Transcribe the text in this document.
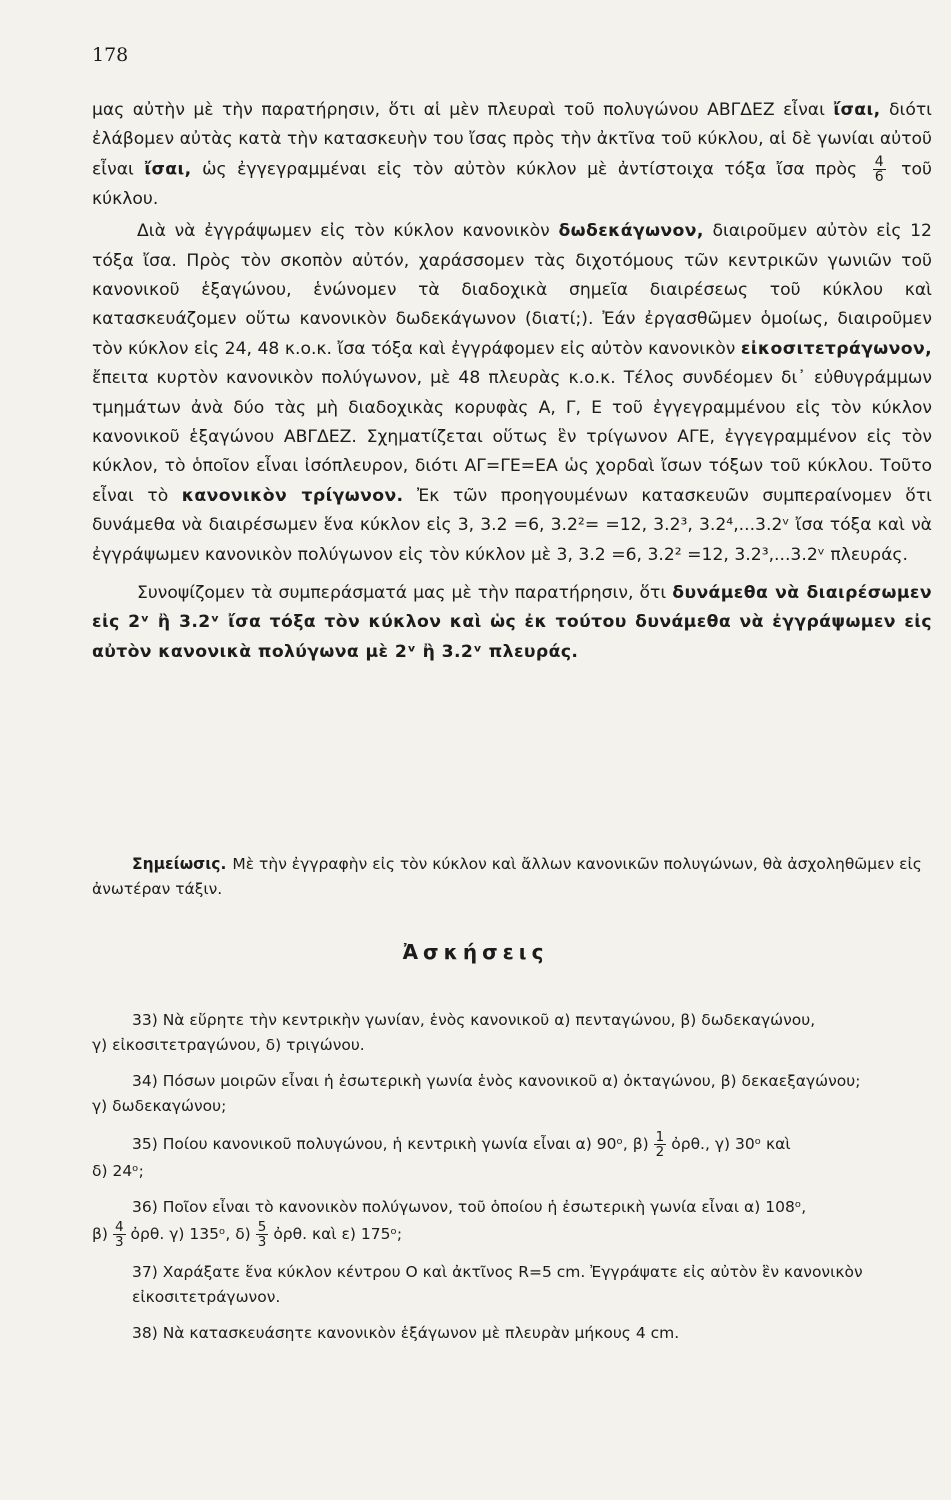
178

μας αὐτὴν μὲ τὴν παρατήρησιν, ὅτι αἱ μὲν πλευραὶ τοῦ πολυγώνου ΑΒΓΔΕΖ εἶναι ἴσαι, διότι ἐλάβομεν αὐτὰς κατὰ τὴν κατασκευὴν του ἴσας πρὸς τὴν ἀκτῖνα τοῦ κύκλου, αἱ δὲ γωνίαι αὐτοῦ εἶναι ἴσαι, ὡς ἐγγεγραμμέναι εἰς τὸν αὐτὸν κύκλον μὲ ἀντίστοιχα τόξα ἴσα πρὸς $\frac{4}{6}$ τοῦ κύκλου.

Διὰ νὰ ἐγγράψωμεν εἰς τὸν κύκλον κανονικὸν δωδεκάγωνον, διαιροῦμεν αὐτὸν εἰς 12 τόξα ἴσα. Πρὸς τὸν σκοπὸν αὐτόν, χαράσσομεν τὰς διχοτόμους τῶν κεντρικῶν γωνιῶν τοῦ κανονικοῦ ἑξαγώνου, ἑνώνομεν τὰ διαδοχικὰ σημεῖα διαιρέσεως τοῦ κύκλου καὶ κατασκευάζομεν οὕτω κανονικὸν δωδεκάγωνον (διατί;). Ἐάν ἐργασθῶμεν ὁμοίως, διαιροῦμεν τὸν κύκλον εἰς 24, 48 κ.ο.κ. ἴσα τόξα καὶ ἐγγράφομεν εἰς αὐτὸν κανονικὸν εἰκοσιτετράγωνον, ἔπειτα κυρτὸν κανονικὸν πολύγωνον, μὲ 48 πλευρὰς κ.ο.κ. Τέλος συνδέομεν δι᾿ εὐθυγράμμων τμημάτων ἀνὰ δύο τὰς μὴ διαδοχικὰς κορυφὰς Α, Γ, Ε τοῦ ἐγγεγραμμένου εἰς τὸν κύκλον κανονικοῦ ἑξαγώνου ΑΒΓΔΕΖ. Σχηματίζεται οὕτως ἓν τρίγωνον ΑΓΕ, ἐγγεγραμμένον εἰς τὸν κύκλον, τὸ ὁποῖον εἶναι ἰσόπλευρον, διότι ΑΓ=ΓΕ=ΕΑ ὡς χορδαὶ ἴσων τόξων τοῦ κύκλου. Τοῦτο εἶναι τὸ κανονικὸν τρίγωνον. Ἐκ τῶν προηγουμένων κατασκευῶν συμπεραίνομεν ὅτι δυνάμεθα νὰ διαιρέσωμεν ἕνα κύκλον εἰς 3, 3.2 =6, 3.2²= =12, 3.2³, 3.2⁴,...3.2ᵛ ἴσα τόξα καὶ νὰ ἐγγράψωμεν κανονικὸν πολύγωνον εἰς τὸν κύκλον μὲ 3, 3.2 =6, 3.2² =12, 3.2³,...3.2ᵛ πλευράς.

Συνοψίζομεν τὰ συμπεράσματά μας μὲ τὴν παρατήρησιν, ὅτι δυνάμεθα νὰ διαιρέσωμεν εἰς 2ᵛ ἢ 3.2ᵛ ἴσα τόξα τὸν κύκλον καὶ ὡς ἐκ τούτου δυνάμεθα νὰ ἐγγράψωμεν εἰς αὐτὸν κανονικὰ πολύγωνα μὲ 2ᵛ ἢ 3.2ᵛ πλευράς.

Σημείωσις. Μὲ τὴν ἐγγραφὴν εἰς τὸν κύκλον καὶ ἄλλων κανονικῶν πολυγώνων, θὰ ἀσχοληθῶμεν εἰς ἀνωτέραν τάξιν.
Ἀσκήσεις
33) Νὰ εὕρητε τὴν κεντρικὴν γωνίαν, ἑνὸς κανονικοῦ α) πενταγώνου, β) δωδεκαγώνου,
γ) εἰκοσιτετραγώνου, δ) τριγώνου.
34) Πόσων μοιρῶν εἶναι ἡ ἐσωτερικὴ γωνία ἑνὸς κανονικοῦ α) ὀκταγώνου, β) δεκαεξαγώνου;
γ) δωδεκαγώνου;
35) Ποίου κανονικοῦ πολυγώνου, ἡ κεντρικὴ γωνία εἶναι α) 90ᵒ, $\beta) \frac{1}{2}$ ὀρθ., γ) 30ᵒ καὶ
δ) 24ᵒ;
36) Ποῖον εἶναι τὸ κανονικὸν πολύγωνον, τοῦ ὁποίου ἡ ἐσωτερικὴ γωνία εἶναι α) 108ᵒ,
$\beta) \frac{4}{3}$ ὀρθ. γ) 135ᵒ, $\delta) \frac{5}{3}$ ὀρθ. καὶ ε) 175ᵒ;
37) Χαράξατε ἕνα κύκλον κέντρου Ο καὶ ἀκτῖνος R=5 cm. Ἐγγράψατε εἰς αὐτὸν ἓν κανονικὸν εἰκοσιτετράγωνον.
38) Νὰ κατασκευάσητε κανονικὸν ἑξάγωνον μὲ πλευρὰν μήκους 4 cm.
